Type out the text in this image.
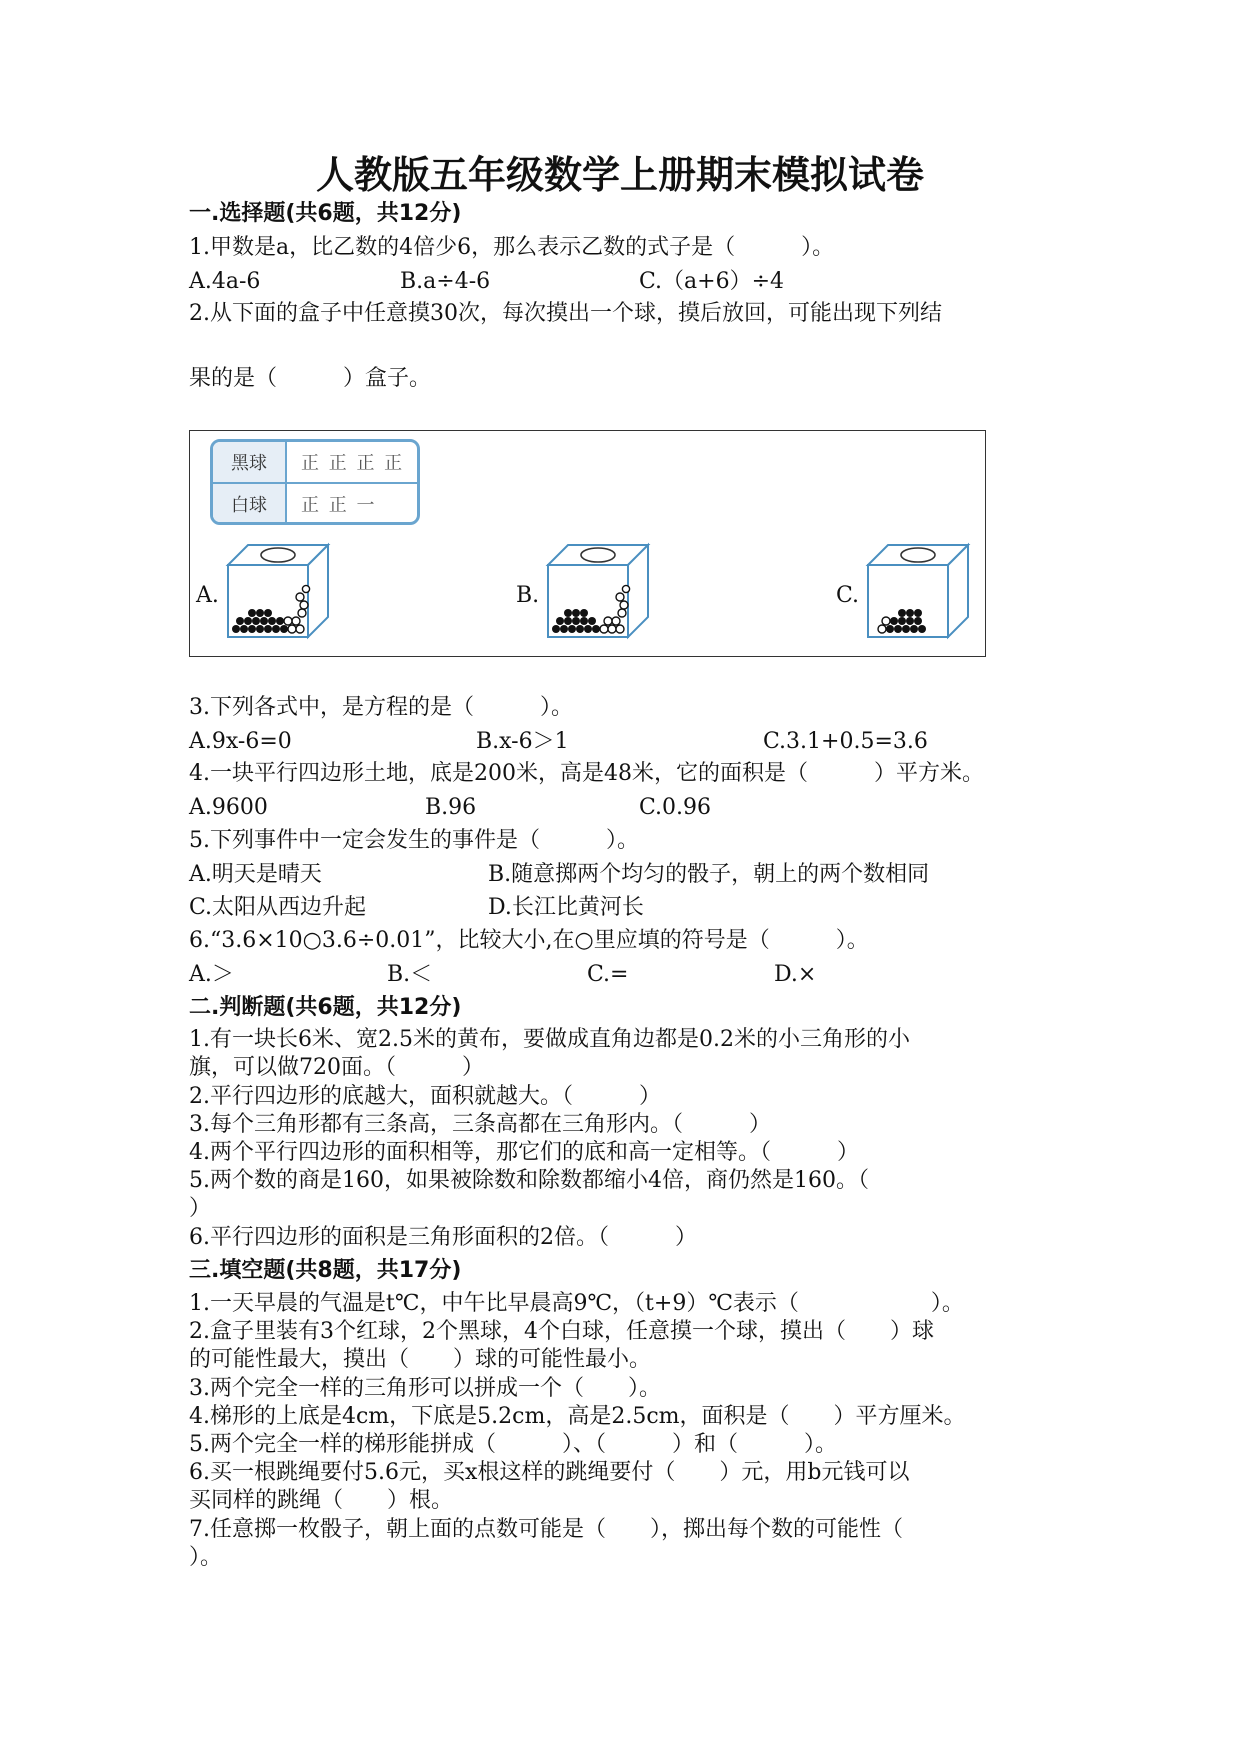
人教版五年级数学上册期末模拟试卷
一.选择题(共6题，共12分)
1.甲数是a，比乙数的4倍少6，那么表示乙数的式子是（　　　）。
A.4a-6	B.a÷4-6	C.（a+6）÷4
2.从下面的盒子中任意摸30次，每次摸出一个球，摸后放回，可能出现下列结
果的是（　　　）盒子。
黑球	正 正 正 正
白球	正 正 一
A.	B.	C.
3.下列各式中，是方程的是（　　　）。
A.9x-6=0	B.x-6＞1	C.3.1+0.5=3.6
4.一块平行四边形土地，底是200米，高是48米，它的面积是（　　　）平方米。
A.9600	B.96	C.0.96
5.下列事件中一定会发生的事件是（　　　）。
A.明天是晴天	B.随意掷两个均匀的骰子，朝上的两个数相同
C.太阳从西边升起	D.长江比黄河长
6.“3.6×10○3.6÷0.01”，比较大小,在○里应填的符号是（　　　）。
A.＞	B.＜	C.=	D.×
二.判断题(共6题，共12分)
1.有一块长6米、宽2.5米的黄布，要做成直角边都是0.2米的小三角形的小
旗，可以做720面。（　　　）
2.平行四边形的底越大，面积就越大。（　　　）
3.每个三角形都有三条高，三条高都在三角形内。（　　　）
4.两个平行四边形的面积相等，那它们的底和高一定相等。（　　　）
5.两个数的商是160，如果被除数和除数都缩小4倍，商仍然是160。（
）
6.平行四边形的面积是三角形面积的2倍。（　　　）
三.填空题(共8题，共17分)
1.一天早晨的气温是t℃，中午比早晨高9℃，（t+9）℃表示（　　　　　　）。
2.盒子里装有3个红球，2个黑球，4个白球，任意摸一个球，摸出（　　）球
的可能性最大，摸出（　　）球的可能性最小。
3.两个完全一样的三角形可以拼成一个（　　）。
4.梯形的上底是4cm，下底是5.2cm，高是2.5cm，面积是（　　）平方厘米。
5.两个完全一样的梯形能拼成（　　　）、（　　　）和（　　　）。
6.买一根跳绳要付5.6元，买x根这样的跳绳要付（　　）元，用b元钱可以
买同样的跳绳（　　）根。
7.任意掷一枚骰子，朝上面的点数可能是（　　），掷出每个数的可能性（
）。
